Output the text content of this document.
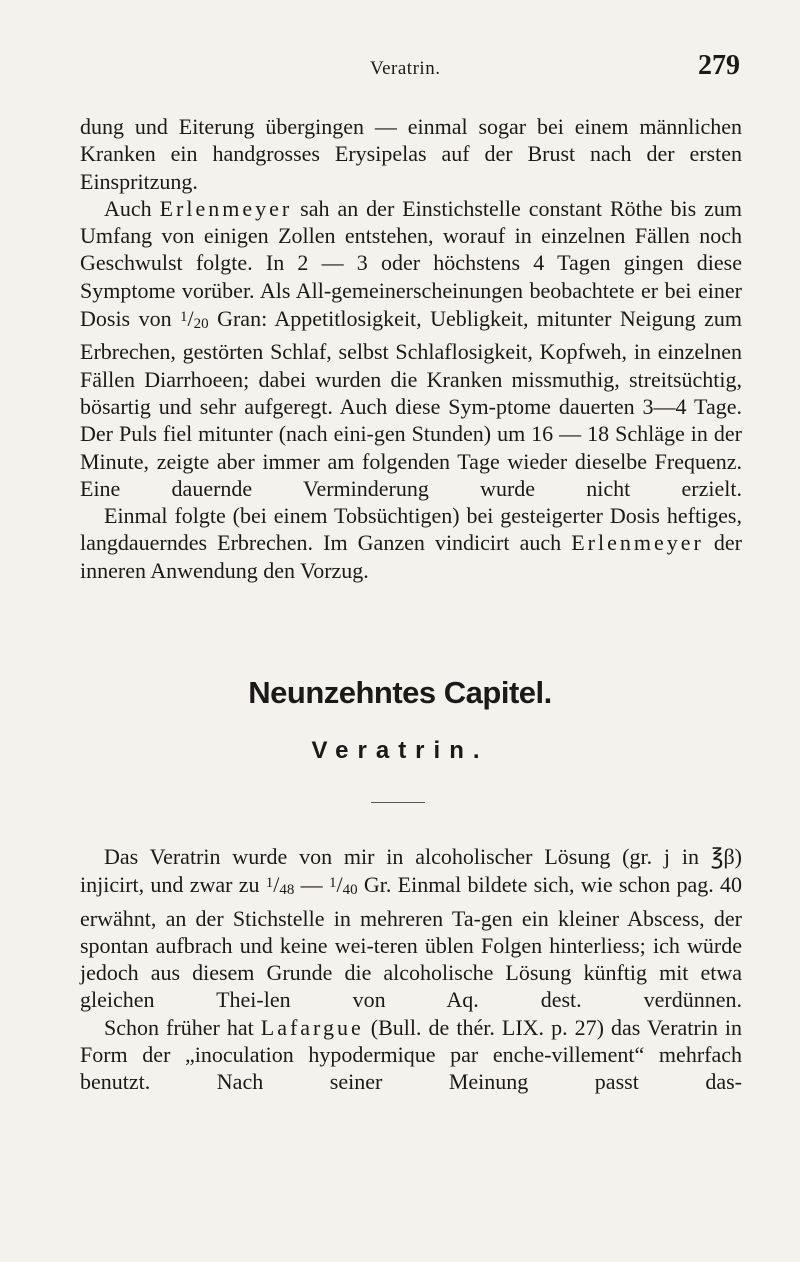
Veratrin.	279

dung und Eiterung übergingen — einmal sogar bei einem männlichen Kranken ein handgrosses Erysipelas auf der Brust nach der ersten Einspritzung.

Auch Erlenmeyer sah an der Einstichstelle constant Röthe bis zum Umfang von einigen Zollen entstehen, worauf in einzelnen Fällen noch Geschwulst folgte. In 2 — 3 oder höchstens 4 Tagen gingen diese Symptome vorüber. Als All-gemeinerscheinungen beobachtete er bei einer Dosis von $^1$/20 Gran: Appetitlosigkeit, Uebligkeit, mitunter Neigung zum Erbrechen, gestörten Schlaf, selbst Schlaflosigkeit, Kopfweh, in einzelnen Fällen Diarrhoeen; dabei wurden die Kranken missmuthig, streitsüchtig, bösartig und sehr aufgeregt. Auch diese Sym-ptome dauerten 3—4 Tage. Der Puls fiel mitunter (nach eini-gen Stunden) um 16 — 18 Schläge in der Minute, zeigte aber immer am folgenden Tage wieder dieselbe Frequenz. Eine dauernde Verminderung wurde nicht erzielt.

Einmal folgte (bei einem Tobsüchtigen) bei gesteigerter Dosis heftiges, langdauerndes Erbrechen. Im Ganzen vindicirt auch Erlenmeyer der inneren Anwendung den Vorzug.

Neunzehntes Capitel.
Veratrin.

Das Veratrin wurde von mir in alcoholischer Lösung (gr. j in ℥β) injicirt, und zwar zu $^1$/48 — $^1$/40 Gr. Einmal bildete sich, wie schon pag. 40 erwähnt, an der Stichstelle in mehreren Ta-gen ein kleiner Abscess, der spontan aufbrach und keine wei-teren üblen Folgen hinterliess; ich würde jedoch aus diesem Grunde die alcoholische Lösung künftig mit etwa gleichen Thei-len von Aq. dest. verdünnen.

Schon früher hat Lafargue (Bull. de thér. LIX. p. 27) das Veratrin in Form der „inoculation hypodermique par enche-villement“ mehrfach benutzt. Nach seiner Meinung passt das-
